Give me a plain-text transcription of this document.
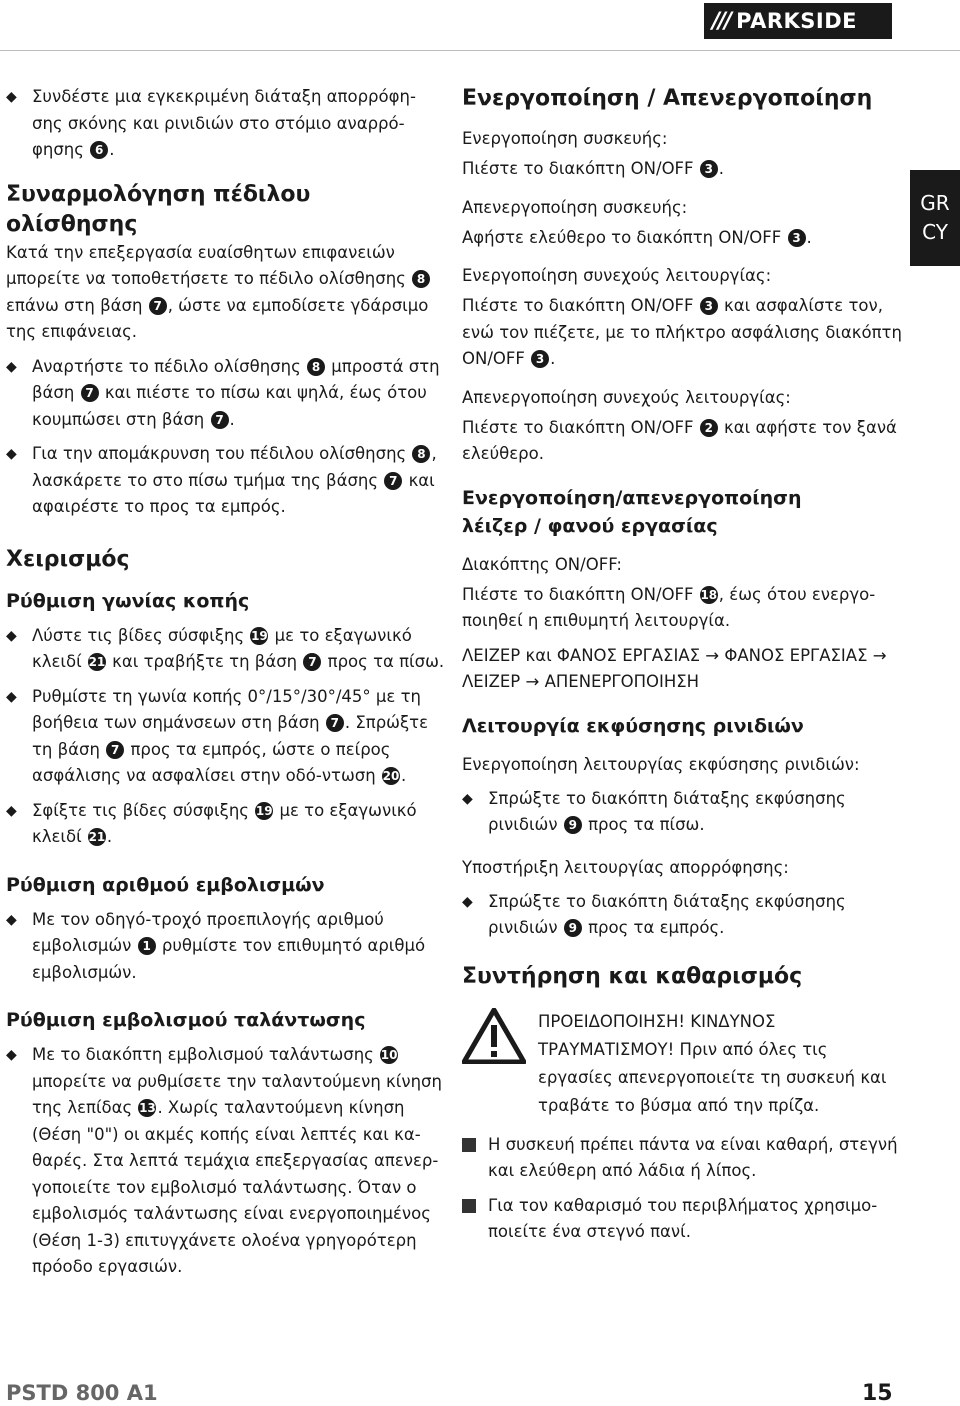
/// PARKSIDE
GR
CY
◆ Συνδέστε μια εγκεκριμένη διάταξη απορρόφη-σης σκόνης και ρινιδιών στο στόμιο αναρρό-φησης 6 .
Συναρμολόγηση πέδιλου ολίσθησης

Κατά την επεξεργασία ευαίσθητων επιφανειών μπορείτε να τοποθετήσετε το πέδιλο ολίσθησης 8 επάνω στη βάση 7 , ώστε να εμποδίσετε γδάρσιμο της επιφάνειας.

◆ Αναρτήστε το πέδιλο ολίσθησης 8 μπροστά στη βάση 7 και πιέστε το πίσω και ψηλά, έως ότου κουμπώσει στη βάση 7 .
◆ Για την απομάκρυνση του πέδιλου ολίσθησης 8 , λασκάρετε το στο πίσω τμήμα της βάσης 7 και αφαιρέστε το προς τα εμπρός.
Χειρισμός
Ρύθμιση γωνίας κοπής
◆ Λύστε τις βίδες σύσφιξης 19 με το εξαγωνικό κλειδί 21 και τραβήξτε τη βάση 7 προς τα πίσω.
◆ Ρυθμίστε τη γωνία κοπής 0°/15°/30°/45° με τη βοήθεια των σημάνσεων στη βάση 7 . Σπρώξτε τη βάση 7 προς τα εμπρός, ώστε ο πείρος ασφάλισης να ασφαλίσει στην οδό-ντωση 20 .
◆ Σφίξτε τις βίδες σύσφιξης 19 με το εξαγωνικό κλειδί 21 .
Ρύθμιση αριθμού εμβολισμών
◆ Με τον οδηγό-τροχό προεπιλογής αριθμού εμβολισμών 1 ρυθμίστε τον επιθυμητό αριθμό εμβολισμών.
Ρύθμιση εμβολισμού ταλάντωσης
◆ Με το διακόπτη εμβολισμού ταλάντωσης 10 μπορείτε να ρυθμίσετε την ταλαντούμενη κίνηση της λεπίδας 13 . Χωρίς ταλαντούμενη κίνηση (Θέση "0") οι ακμές κοπής είναι λεπτές και κα-θαρές. Στα λεπτά τεμάχια επεξεργασίας απενερ-γοποιείτε τον εμβολισμό ταλάντωσης. Όταν ο εμβολισμός ταλάντωσης είναι ενεργοποιημένος (Θέση 1-3) επιτυγχάνετε ολοένα γρηγορότερη πρόοδο εργασιών.
Ενεργοποίηση / Απενεργοποίηση
Ενεργοποίηση συσκευής:

Πιέστε το διακόπτη ON/OFF 3 .

Απενεργοποίηση συσκευής:

Αφήστε ελεύθερο το διακόπτη ON/OFF 3 .

Ενεργοποίηση συνεχούς λειτουργίας:

Πιέστε το διακόπτη ON/OFF 3 και ασφαλίστε τον, ενώ τον πιέζετε, με το πλήκτρο ασφάλισης διακόπτη ON/OFF 3 .

Απενεργοποίηση συνεχούς λειτουργίας:

Πιέστε το διακόπτη ON/OFF 2 και αφήστε τον ξανά ελεύθερο.

Ενεργοποίηση/απενεργοποίηση
λέιζερ / φανού εργασίας
Διακόπτης ON/OFF:

Πιέστε το διακόπτη ON/OFF 18 , έως ότου ενεργο-ποιηθεί η επιθυμητή λειτουργία.

ΛΕΙΖΕΡ και ΦΑΝΟΣ ΕΡΓΑΣΙΑΣ → ΦΑΝΟΣ ΕΡΓΑΣΙΑΣ → ΛΕΙΖΕΡ → ΑΠΕΝΕΡΓΟΠΟΙΗΣΗ

Λειτουργία εκφύσησης ρινιδιών
Ενεργοποίηση λειτουργίας εκφύσησης ρινιδιών:
◆ Σπρώξτε το διακόπτη διάταξης εκφύσησης ρινιδιών 9 προς τα πίσω.
Υποστήριξη λειτουργίας απορρόφησης:
◆ Σπρώξτε το διακόπτη διάταξης εκφύσησης ρινιδιών 9 προς τα εμπρός.
Συντήρηση και καθαρισμός
ΠΡΟΕΙΔΟΠΟΙΗΣΗ! ΚΙΝΔΥΝΟΣ ΤΡΑΥΜΑΤΙΣΜΟΥ! Πριν από όλες τις εργασίες απενεργοποιείτε τη συσκευή και τραβάτε το βύσμα από την πρίζα.
Η συσκευή πρέπει πάντα να είναι καθαρή, στεγνή και ελεύθερη από λάδια ή λίπος.
Για τον καθαρισμό του περιβλήματος χρησιμο-ποιείτε ένα στεγνό πανί.
PSTD 800 A1	15
